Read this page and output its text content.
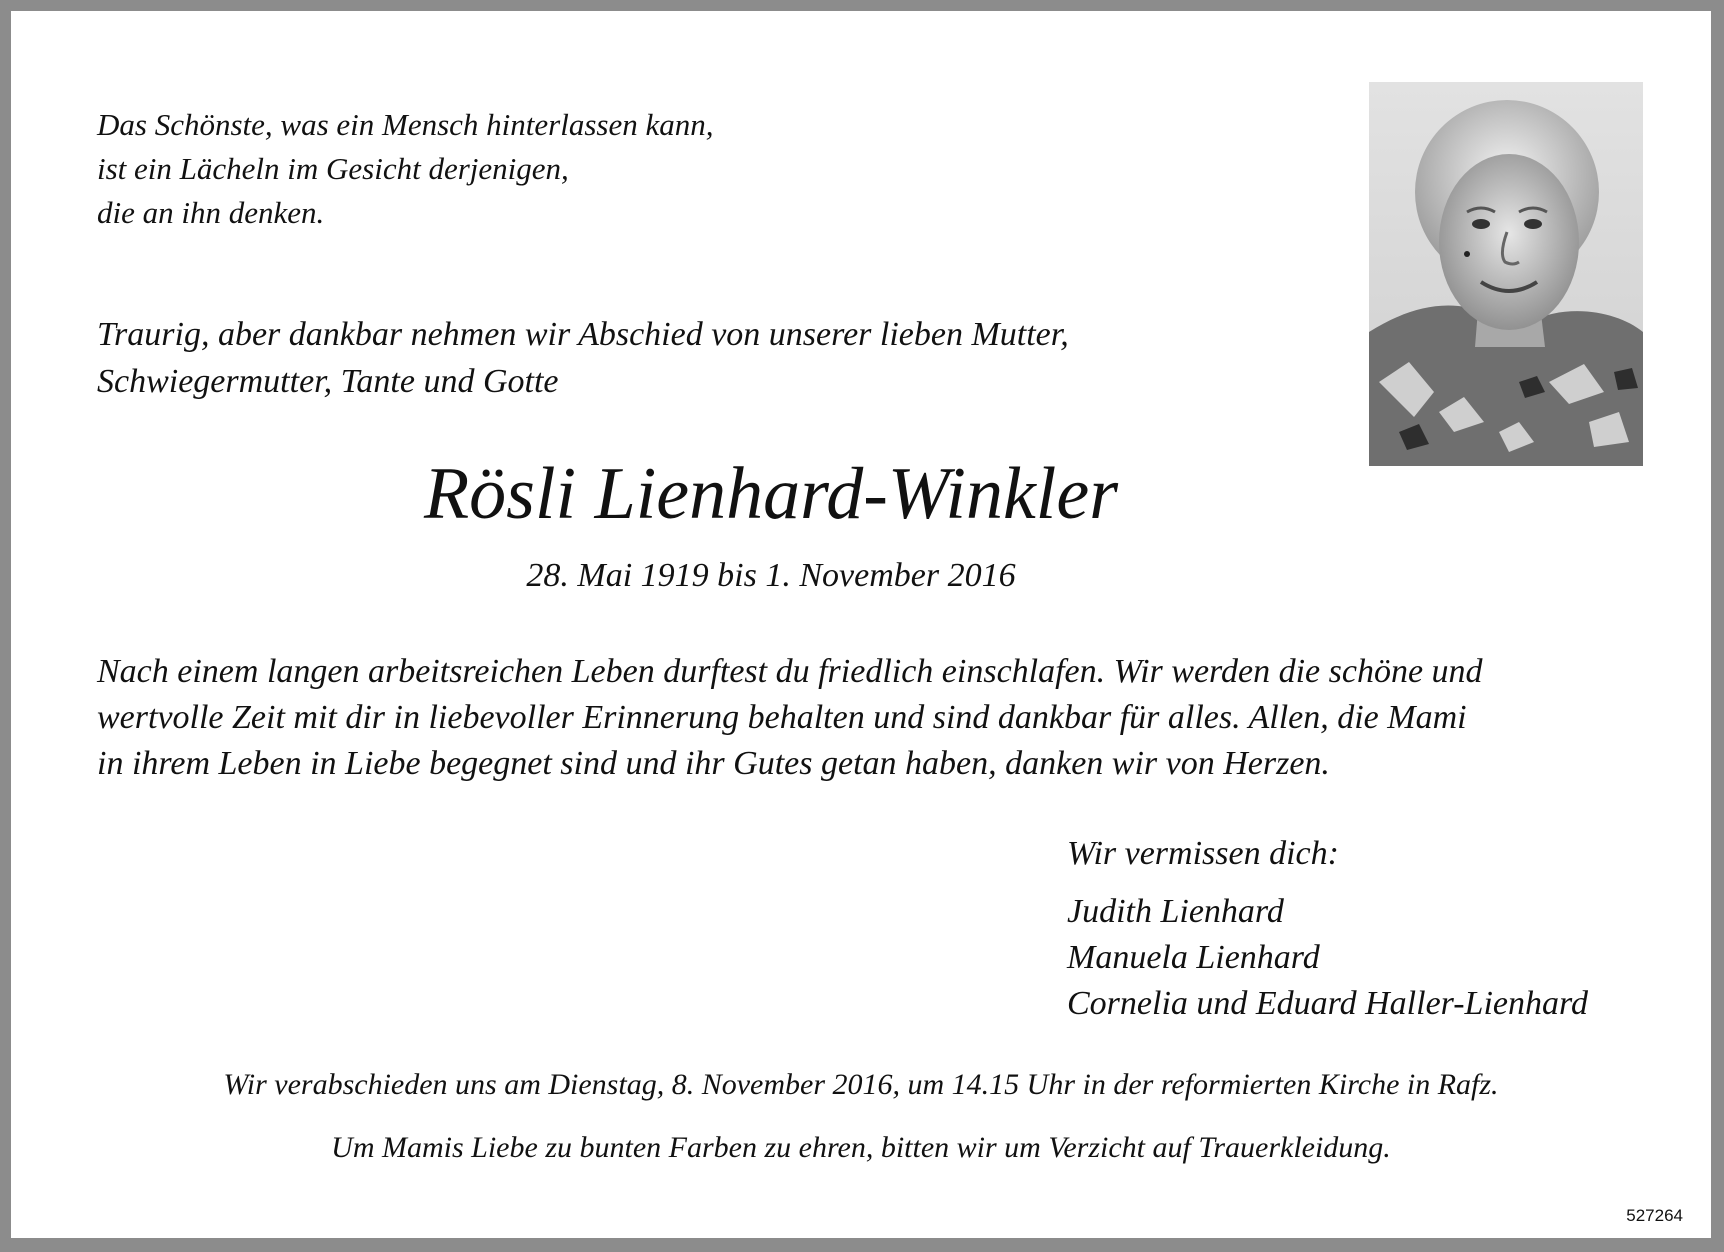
Das Schönste, was ein Mensch hinterlassen kann,
ist ein Lächeln im Gesicht derjenigen,
die an ihn denken.
Traurig, aber dankbar nehmen wir Abschied von unserer lieben Mutter,
Schwiegermutter, Tante und Gotte
Rösli Lienhard-Winkler
28. Mai 1919 bis 1. November 2016
Nach einem langen arbeitsreichen Leben durftest du friedlich einschlafen. Wir werden die schöne und
wertvolle Zeit mit dir in liebevoller Erinnerung behalten und sind dankbar für alles. Allen, die Mami
in ihrem Leben in Liebe begegnet sind und ihr Gutes getan haben, danken wir von Herzen.
Wir vermissen dich:
Judith Lienhard
Manuela Lienhard
Cornelia und Eduard Haller-Lienhard
Wir verabschieden uns am Dienstag, 8. November 2016, um 14.15 Uhr in der reformierten Kirche in Rafz.
Um Mamis Liebe zu bunten Farben zu ehren, bitten wir um Verzicht auf Trauerkleidung.
527264
